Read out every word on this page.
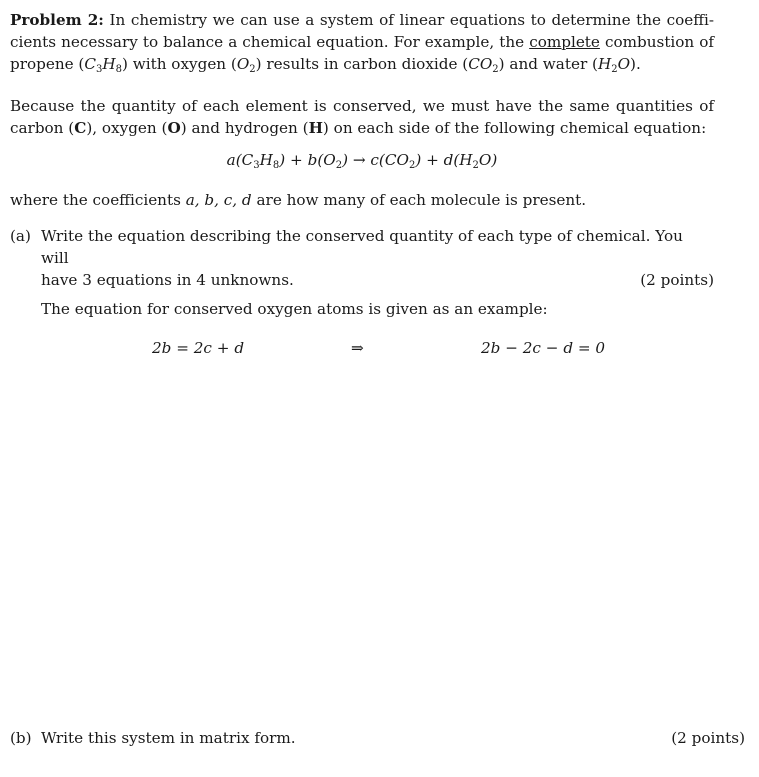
Problem 2: In chemistry we can use a system of linear equations to determine the coeffi- cients necessary to balance a chemical equation. For example, the complete combustion of propene $(C_3H_8)$ with oxygen $(O_2)$ results in carbon dioxide $(CO_2)$ and water $(H_2O)$.

Because the quantity of each element is conserved, we must have the same quantities of carbon (C), oxygen (O) and hydrogen (H) on each side of the following chemical equation:

$a(C_3H_8) + b(O_2) \to c(CO_2) + d(H_2O)$

where the coefficients a, b, c, d are how many of each molecule is present.

(a) Write the equation describing the conserved quantity of each type of chemical. You will
have 3 equations in 4 unknowns.	(2 points)
The equation for conserved oxygen atoms is given as an example:
2b = 2c + d	⇒	2b − 2c − d = 0
(b) Write this system in matrix form.	(2 points)
